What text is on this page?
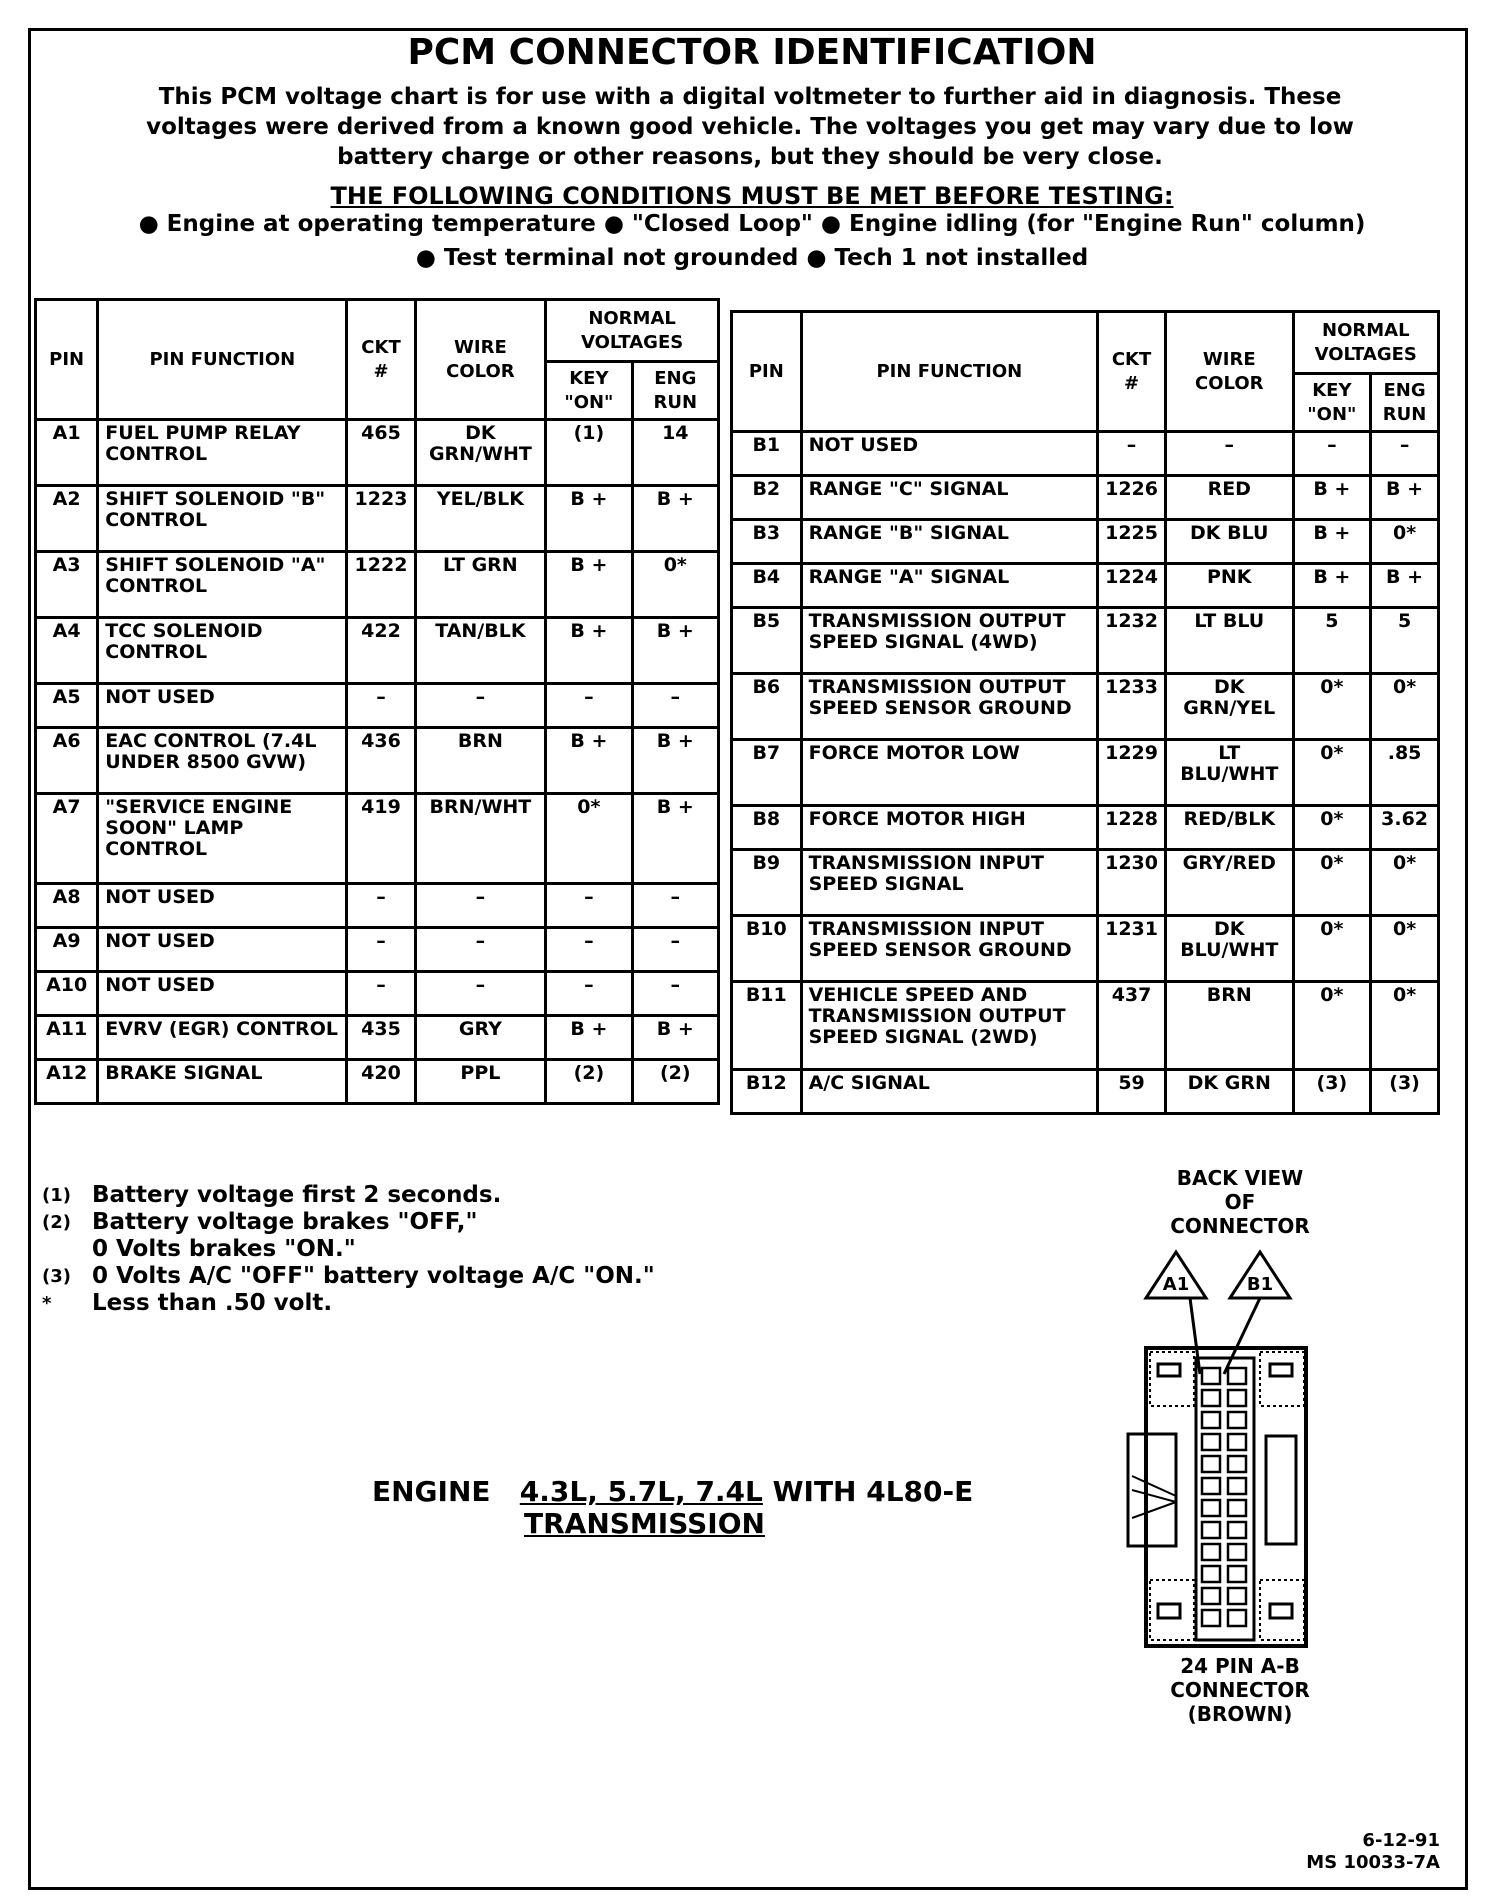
PCM CONNECTOR IDENTIFICATION
This PCM voltage chart is for use with a digital voltmeter to further aid in diagnosis. These voltages were derived from a known good vehicle. The voltages you get may vary due to low battery charge or other reasons, but they should be very close.
THE FOLLOWING CONDITIONS MUST BE MET BEFORE TESTING:
● Engine at operating temperature ● "Closed Loop" ● Engine idling (for "Engine Run" column)
● Test terminal not grounded ● Tech 1 not installed
PIN	PIN FUNCTION	CKT #	WIRE COLOR	NORMAL VOLTAGES	
				KEY "ON"	ENG RUN
A1	FUEL PUMP RELAY CONTROL	465	DK GRN/WHT	(1)	14
A2	SHIFT SOLENOID "B" CONTROL	1223	YEL/BLK	B +	B +
A3	SHIFT SOLENOID "A" CONTROL	1222	LT GRN	B +	0*
A4	TCC SOLENOID CONTROL	422	TAN/BLK	B +	B +
A5	NOT USED	–	–	–	–
A6	EAC CONTROL (7.4L UNDER 8500 GVW)	436	BRN	B +	B +
A7	"SERVICE ENGINE SOON" LAMP CONTROL	419	BRN/WHT	0*	B +
A8	NOT USED	–	–	–	–
A9	NOT USED	–	–	–	–
A10	NOT USED	–	–	–	–
A11	EVRV (EGR) CONTROL	435	GRY	B +	B +
A12	BRAKE SIGNAL	420	PPL	(2)	(2)
PIN	PIN FUNCTION	CKT #	WIRE COLOR	NORMAL VOLTAGES	
				KEY "ON"	ENG RUN
B1	NOT USED	–	–	–	–
B2	RANGE "C" SIGNAL	1226	RED	B +	B +
B3	RANGE "B" SIGNAL	1225	DK BLU	B +	0*
B4	RANGE "A" SIGNAL	1224	PNK	B +	B +
B5	TRANSMISSION OUTPUT SPEED SIGNAL (4WD)	1232	LT BLU	5	5
B6	TRANSMISSION OUTPUT SPEED SENSOR GROUND	1233	DK GRN/YEL	0*	0*
B7	FORCE MOTOR LOW	1229	LT BLU/WHT	0*	.85
B8	FORCE MOTOR HIGH	1228	RED/BLK	0*	3.62
B9	TRANSMISSION INPUT SPEED SIGNAL	1230	GRY/RED	0*	0*
B10	TRANSMISSION INPUT SPEED SENSOR GROUND	1231	DK BLU/WHT	0*	0*
B11	VEHICLE SPEED AND TRANSMISSION OUTPUT SPEED SIGNAL (2WD)	437	BRN	0*	0*
B12	A/C SIGNAL	59	DK GRN	(3)	(3)
(1) Battery voltage first 2 seconds.
(2) Battery voltage brakes "OFF,"
0 Volts brakes "ON."
(3) 0 Volts A/C "OFF" battery voltage A/C "ON."
*	Less than .50 volt.
ENGINE 4.3L, 5.7L, 7.4L WITH 4L80-E
TRANSMISSION
BACK VIEW
OF
CONNECTOR
A1	B1
24 PIN A-B
CONNECTOR
(BROWN)
6-12-91
MS 10033-7A
